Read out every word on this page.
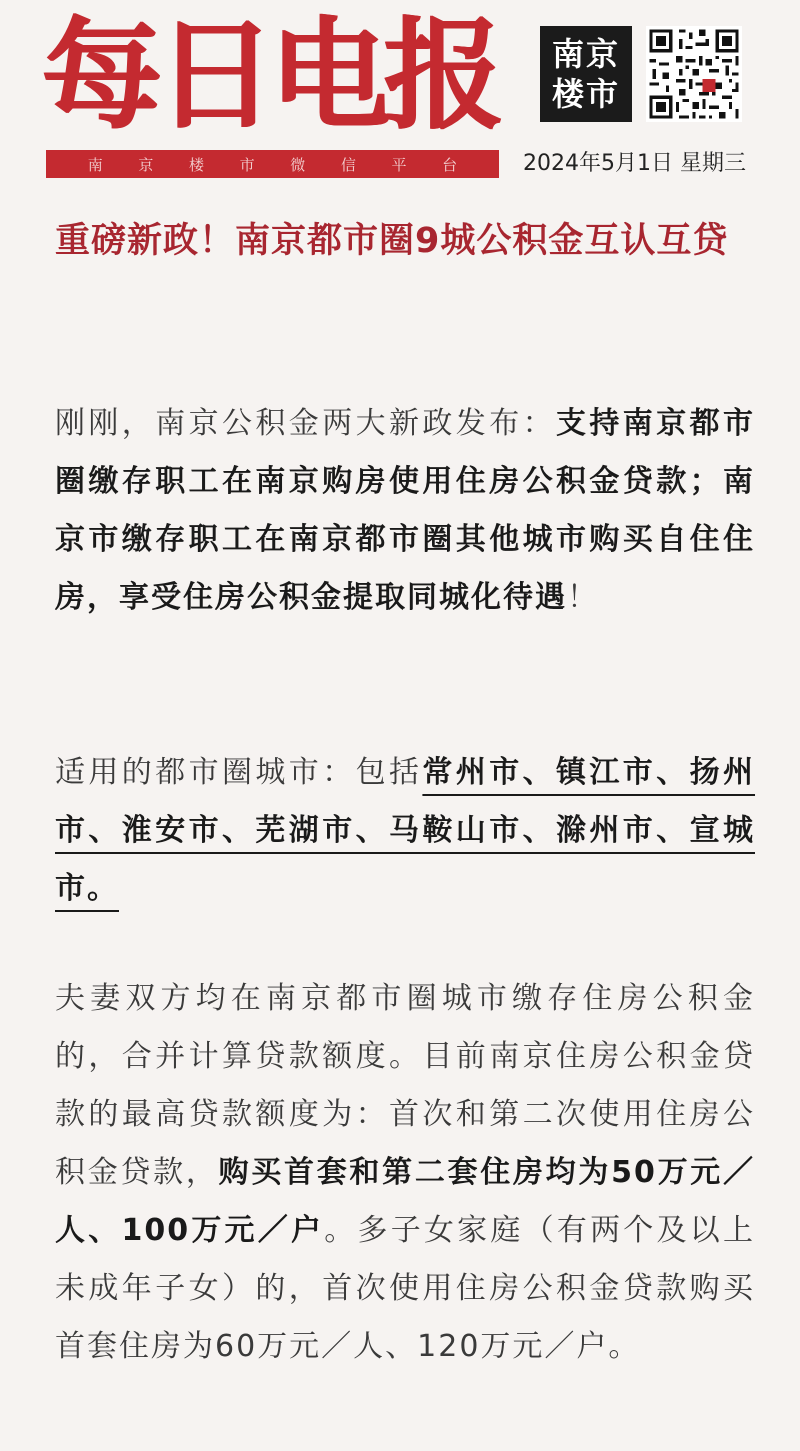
每日电报 南京
楼市
南 京 楼 市 微 信 平 台	2024年5月1日 星期三
重磅新政！南京都市圈9城公积金互认互贷
刚刚，南京公积金两大新政发布：支持南京都市圈缴存职工在南京购房使用住房公积金贷款；南京市缴存职工在南京都市圈其他城市购买自住住房，享受住房公积金提取同城化待遇！
适用的都市圈城市：包括常州市、镇江市、扬州市、淮安市、芜湖市、马鞍山市、滁州市、宣城市。
夫妻双方均在南京都市圈城市缴存住房公积金的，合并计算贷款额度。目前南京住房公积金贷款的最高贷款额度为：首次和第二次使用住房公积金贷款，购买首套和第二套住房均为50万元／人、100万元／户。多子女家庭（有两个及以上未成年子女）的，首次使用住房公积金贷款购买首套住房为60万元／人、120万元／户。
